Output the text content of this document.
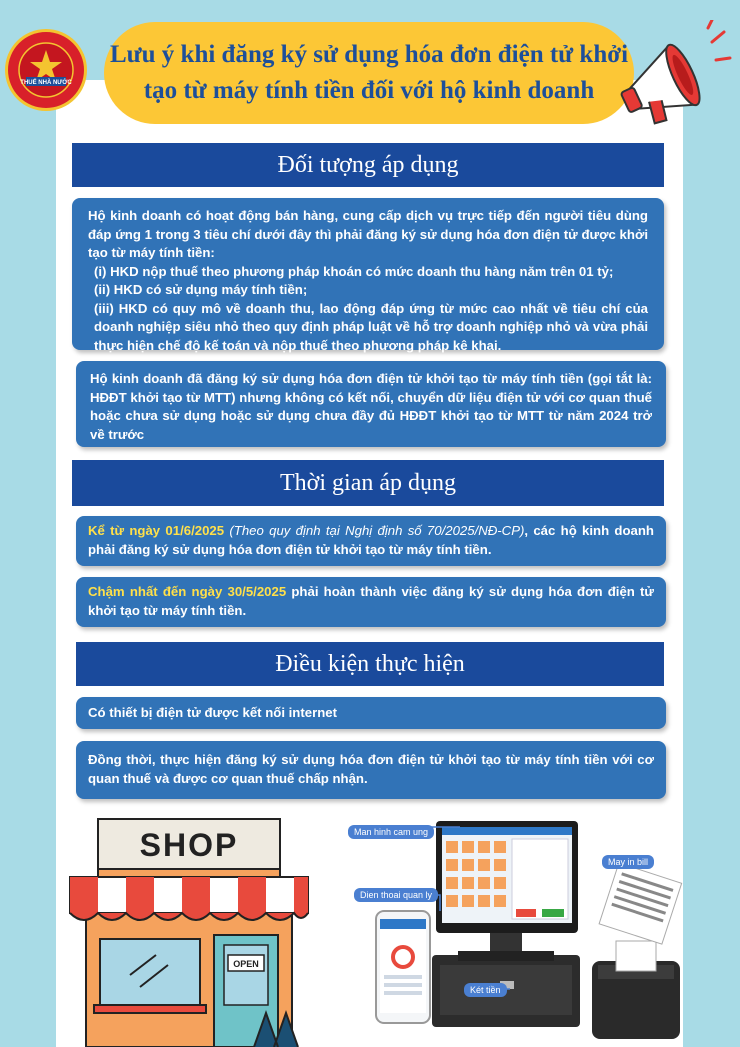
THUẾ NHÀ NƯỚC
Lưu ý khi đăng ký sử dụng hóa đơn điện tử khởi
tạo từ máy tính tiền đối với hộ kinh doanh
Đối tượng áp dụng

Hộ kinh doanh có hoạt động bán hàng, cung cấp dịch vụ trực tiếp đến người tiêu dùng đáp ứng 1 trong 3 tiêu chí dưới đây thì phải đăng ký sử dụng hóa đơn điện tử được khởi tạo từ máy tính tiền:

(i) HKD nộp thuế theo phương pháp khoán có mức doanh thu hàng năm trên 01 tỷ;

(ii) HKD có sử dụng máy tính tiền;

(iii) HKD có quy mô về doanh thu, lao động đáp ứng từ mức cao nhất về tiêu chí của doanh nghiệp siêu nhỏ theo quy định pháp luật về hỗ trợ doanh nghiệp nhỏ và vừa phải thực hiện chế độ kế toán và nộp thuế theo phương pháp kê khai.

Hộ kinh doanh đã đăng ký sử dụng hóa đơn điện tử khởi tạo từ máy tính tiền (gọi tắt là: HĐĐT khởi tạo từ MTT) nhưng không có kết nối, chuyển dữ liệu điện tử với cơ quan thuế hoặc chưa sử dụng hoặc sử dụng chưa đầy đủ HĐĐT khởi tạo từ MTT từ năm 2024 trở về trước

Thời gian áp dụng

Kể từ ngày 01/6/2025 (Theo quy định tại Nghị định số 70/2025/NĐ-CP), các hộ kinh doanh phải đăng ký sử dụng hóa đơn điện tử khởi tạo từ máy tính tiền.

Chậm nhất đến ngày 30/5/2025 phải hoàn thành việc đăng ký sử dụng hóa đơn điện tử khởi tạo từ máy tính tiền.

Điều kiện thực hiện

Có thiết bị điện tử được kết nối internet

Đồng thời, thực hiện đăng ký sử dụng hóa đơn điện tử khởi tạo từ máy tính tiền với cơ quan thuế và được cơ quan thuế chấp nhận.

SHOP
OPEN
Man hinh cam ung
Dien thoai quan ly
May in bill
Két tiền
